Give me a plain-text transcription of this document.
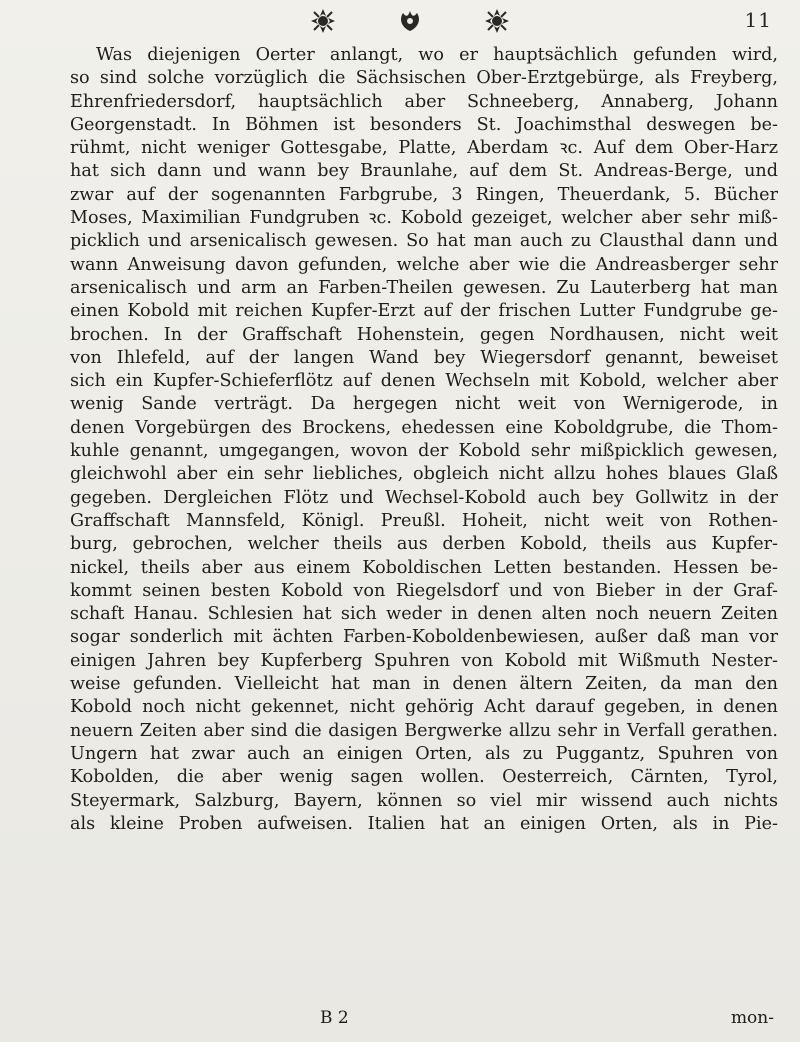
11
Was diejenigen Oerter anlangt, wo er hauptsächlich gefunden wird,
so sind solche vorzüglich die Sächsischen Ober-Erztgebürge, als Freyberg,
Ehrenfriedersdorf, hauptsächlich aber Schneeberg, Annaberg, Johann
Georgenstadt. In Böhmen ist besonders St. Joachimsthal deswegen be-
rühmt, nicht weniger Gottesgabe, Platte, Aberdam ꝛc. Auf dem Ober-Harz
hat sich dann und wann bey Braunlahe, auf dem St. Andreas-Berge, und
zwar auf der sogenannten Farbgrube, 3 Ringen, Theuerdank, 5. Bücher
Moses, Maximilian Fundgruben ꝛc. Kobold gezeiget, welcher aber sehr miß-
picklich und arsenicalisch gewesen. So hat man auch zu Clausthal dann und
wann Anweisung davon gefunden, welche aber wie die Andreasberger sehr
arsenicalisch und arm an Farben-Theilen gewesen. Zu Lauterberg hat man
einen Kobold mit reichen Kupfer-Erzt auf der frischen Lutter Fundgrube ge-
brochen. In der Graffschaft Hohenstein, gegen Nordhausen, nicht weit
von Ihlefeld, auf der langen Wand bey Wiegersdorf genannt, beweiset
sich ein Kupfer-Schieferflötz auf denen Wechseln mit Kobold, welcher aber
wenig Sande verträgt. Da hergegen nicht weit von Wernigerode, in
denen Vorgebürgen des Brockens, ehedessen eine Koboldgrube, die Thom-
kuhle genannt, umgegangen, wovon der Kobold sehr mißpicklich gewesen,
gleichwohl aber ein sehr liebliches, obgleich nicht allzu hohes blaues Glaß
gegeben. Dergleichen Flötz und Wechsel-Kobold auch bey Gollwitz in der
Graffschaft Mannsfeld, Königl. Preußl. Hoheit, nicht weit von Rothen-
burg, gebrochen, welcher theils aus derben Kobold, theils aus Kupfer-
nickel, theils aber aus einem Koboldischen Letten bestanden. Hessen be-
kommt seinen besten Kobold von Riegelsdorf und von Bieber in der Graf-
schaft Hanau. Schlesien hat sich weder in denen alten noch neuern Zeiten
sogar sonderlich mit ächten Farben-Koboldenbewiesen, außer daß man vor
einigen Jahren bey Kupferberg Spuhren von Kobold mit Wißmuth Nester-
weise gefunden. Vielleicht hat man in denen ältern Zeiten, da man den
Kobold noch nicht gekennet, nicht gehörig Acht darauf gegeben, in denen
neuern Zeiten aber sind die dasigen Bergwerke allzu sehr in Verfall gerathen.
Ungern hat zwar auch an einigen Orten, als zu Puggantz, Spuhren von
Kobolden, die aber wenig sagen wollen. Oesterreich, Cärnten, Tyrol,
Steyermark, Salzburg, Bayern, können so viel mir wissend auch nichts
als kleine Proben aufweisen. Italien hat an einigen Orten, als in Pie-
B 2	mon-
